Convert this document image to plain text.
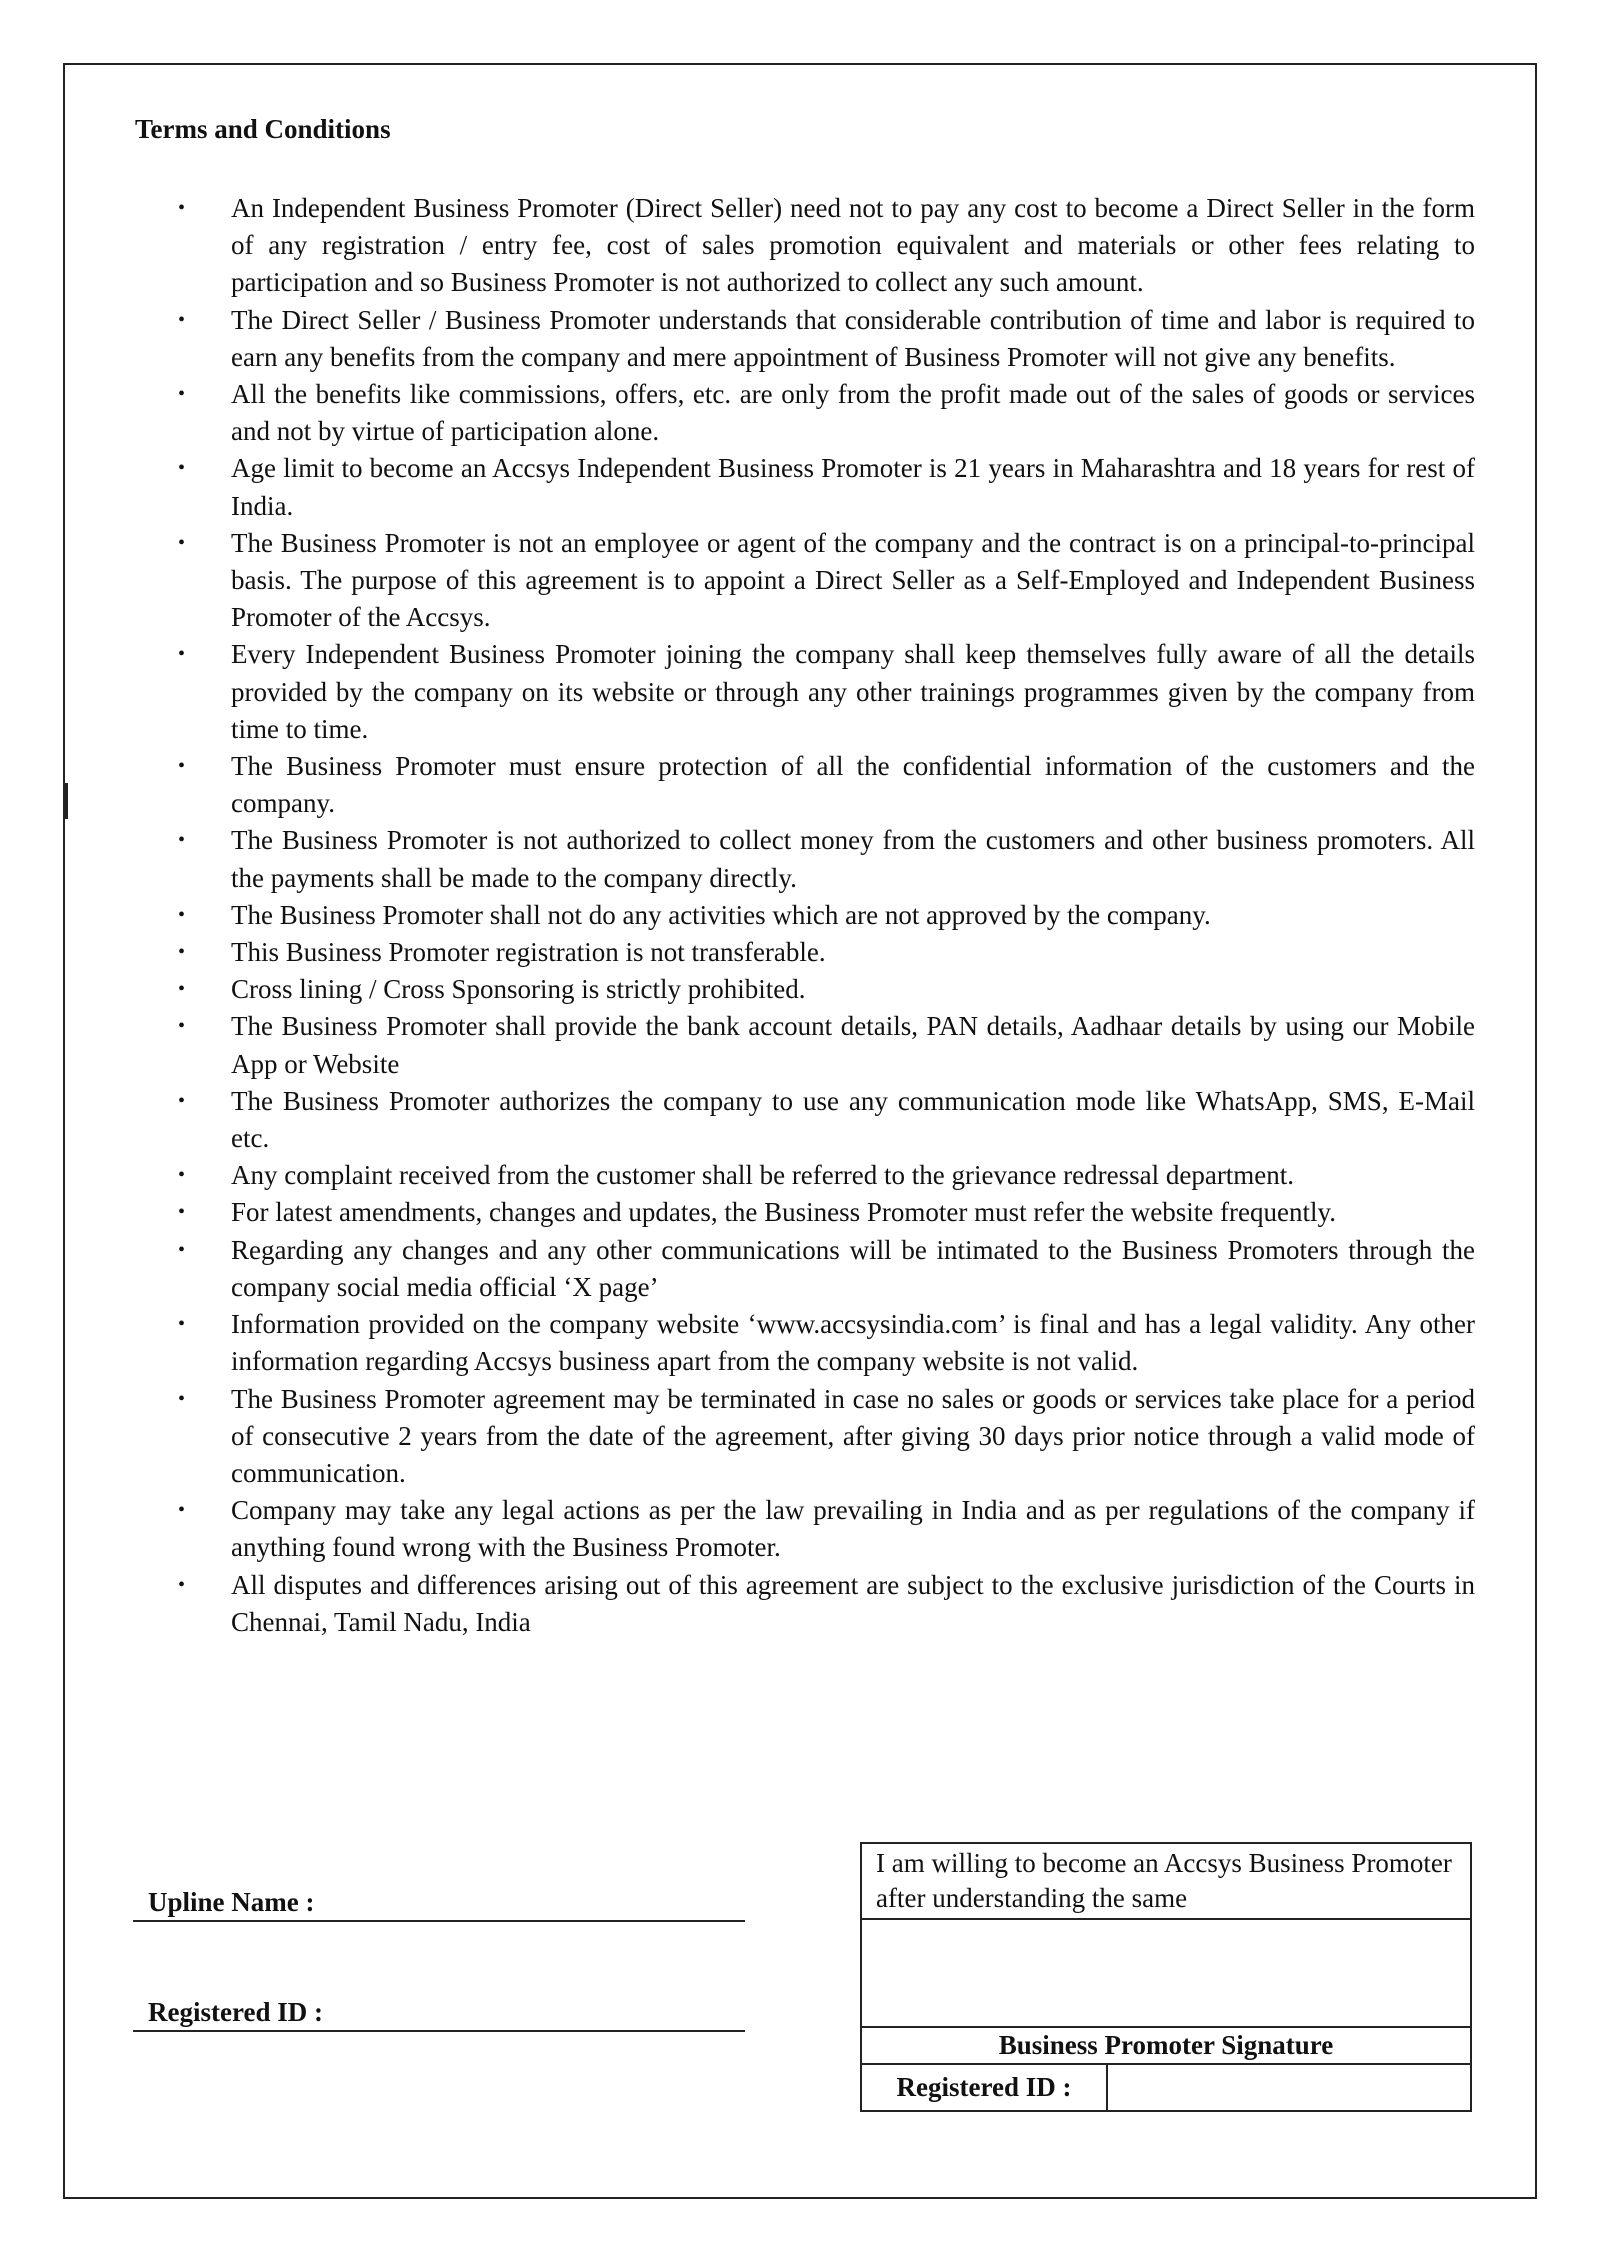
Terms and Conditions
• An Independent Business Promoter (Direct Seller) need not to pay any cost to become a Direct Seller in the form of any registration / entry fee, cost of sales promotion equivalent and materials or other fees relating to participation and so Business Promoter is not authorized to collect any such amount.
• The Direct Seller / Business Promoter understands that considerable contribution of time and labor is required to earn any benefits from the company and mere appointment of Business Promoter will not give any benefits.
• All the benefits like commissions, offers, etc. are only from the profit made out of the sales of goods or services and not by virtue of participation alone.
• Age limit to become an Accsys Independent Business Promoter is 21 years in Maharashtra and 18 years for rest of India.
• The Business Promoter is not an employee or agent of the company and the contract is on a principal-to-principal basis. The purpose of this agreement is to appoint a Direct Seller as a Self-Employed and Independent Business Promoter of the Accsys.
• Every Independent Business Promoter joining the company shall keep themselves fully aware of all the details provided by the company on its website or through any other trainings programmes given by the company from time to time.
• The Business Promoter must ensure protection of all the confidential information of the customers and the company.
• The Business Promoter is not authorized to collect money from the customers and other business promoters. All the payments shall be made to the company directly.
• The Business Promoter shall not do any activities which are not approved by the company.
• This Business Promoter registration is not transferable.
• Cross lining / Cross Sponsoring is strictly prohibited.
• The Business Promoter shall provide the bank account details, PAN details, Aadhaar details by using our Mobile App or Website
• The Business Promoter authorizes the company to use any communication mode like WhatsApp, SMS, E-Mail etc.
• Any complaint received from the customer shall be referred to the grievance redressal department.
• For latest amendments, changes and updates, the Business Promoter must refer the website frequently.
• Regarding any changes and any other communications will be intimated to the Business Promoters through the company social media official ‘X page’
• Information provided on the company website ‘www.accsysindia.com’ is final and has a legal validity. Any other information regarding Accsys business apart from the company website is not valid.
• The Business Promoter agreement may be terminated in case no sales or goods or services take place for a period of consecutive 2 years from the date of the agreement, after giving 30 days prior notice through a valid mode of communication.
• Company may take any legal actions as per the law prevailing in India and as per regulations of the company if anything found wrong with the Business Promoter.
• All disputes and differences arising out of this agreement are subject to the exclusive jurisdiction of the Courts in Chennai, Tamil Nadu, India
Upline Name :
Registered ID :
I am willing to become an Accsys Business Promoter after understanding the same
Business Promoter Signature
Registered ID :
